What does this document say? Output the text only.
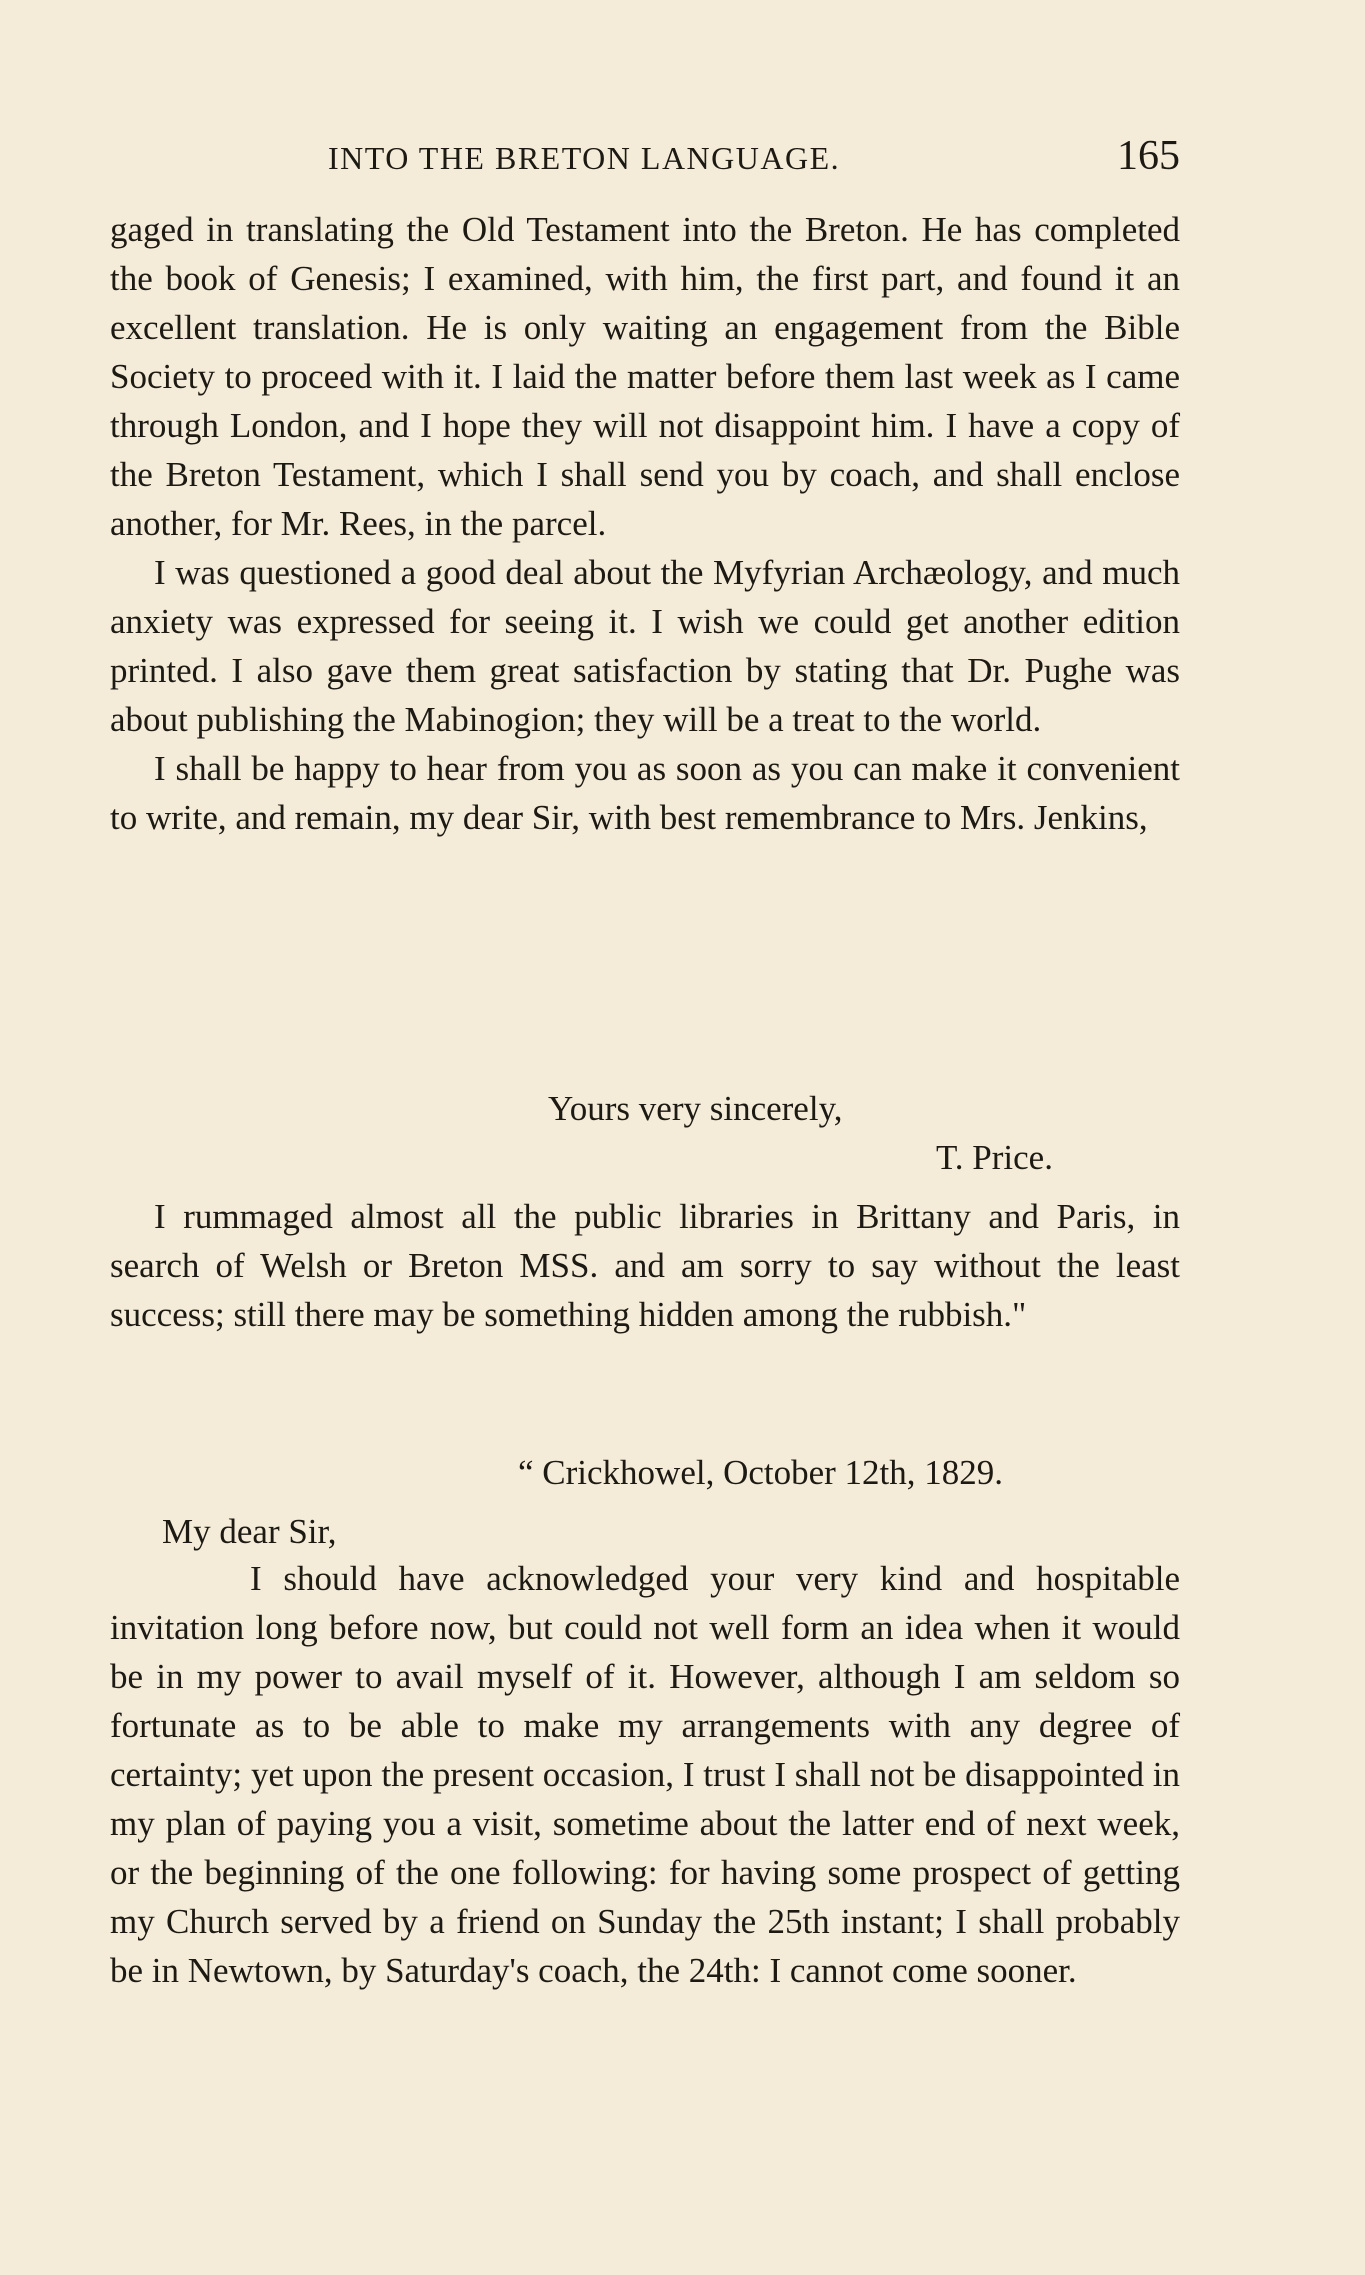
INTO THE BRETON LANGUAGE.	165

gaged in translating the Old Testament into the Breton. He has completed the book of Genesis; I examined, with him, the first part, and found it an excellent translation. He is only waiting an engagement from the Bible Society to proceed with it. I laid the matter before them last week as I came through London, and I hope they will not disappoint him. I have a copy of the Breton Testament, which I shall send you by coach, and shall enclose another, for Mr. Rees, in the parcel.

I was questioned a good deal about the Myfyrian Archæology, and much anxiety was expressed for seeing it. I wish we could get another edition printed. I also gave them great satisfaction by stating that Dr. Pughe was about publishing the Mabinogion; they will be a treat to the world.

I shall be happy to hear from you as soon as you can make it convenient to write, and remain, my dear Sir, with best remembrance to Mrs. Jenkins,

Yours very sincerely,
T. Price.

I rummaged almost all the public libraries in Brittany and Paris, in search of Welsh or Breton MSS. and am sorry to say without the least success; still there may be something hidden among the rubbish."

“ Crickhowel, October 12th, 1829.
My dear Sir,

I should have acknowledged your very kind and hospitable invitation long before now, but could not well form an idea when it would be in my power to avail myself of it. However, although I am seldom so fortunate as to be able to make my arrangements with any degree of certainty; yet upon the present occasion, I trust I shall not be disappointed in my plan of paying you a visit, sometime about the latter end of next week, or the beginning of the one following: for having some prospect of getting my Church served by a friend on Sunday the 25th instant; I shall probably be in Newtown, by Saturday's coach, the 24th: I cannot come sooner.
